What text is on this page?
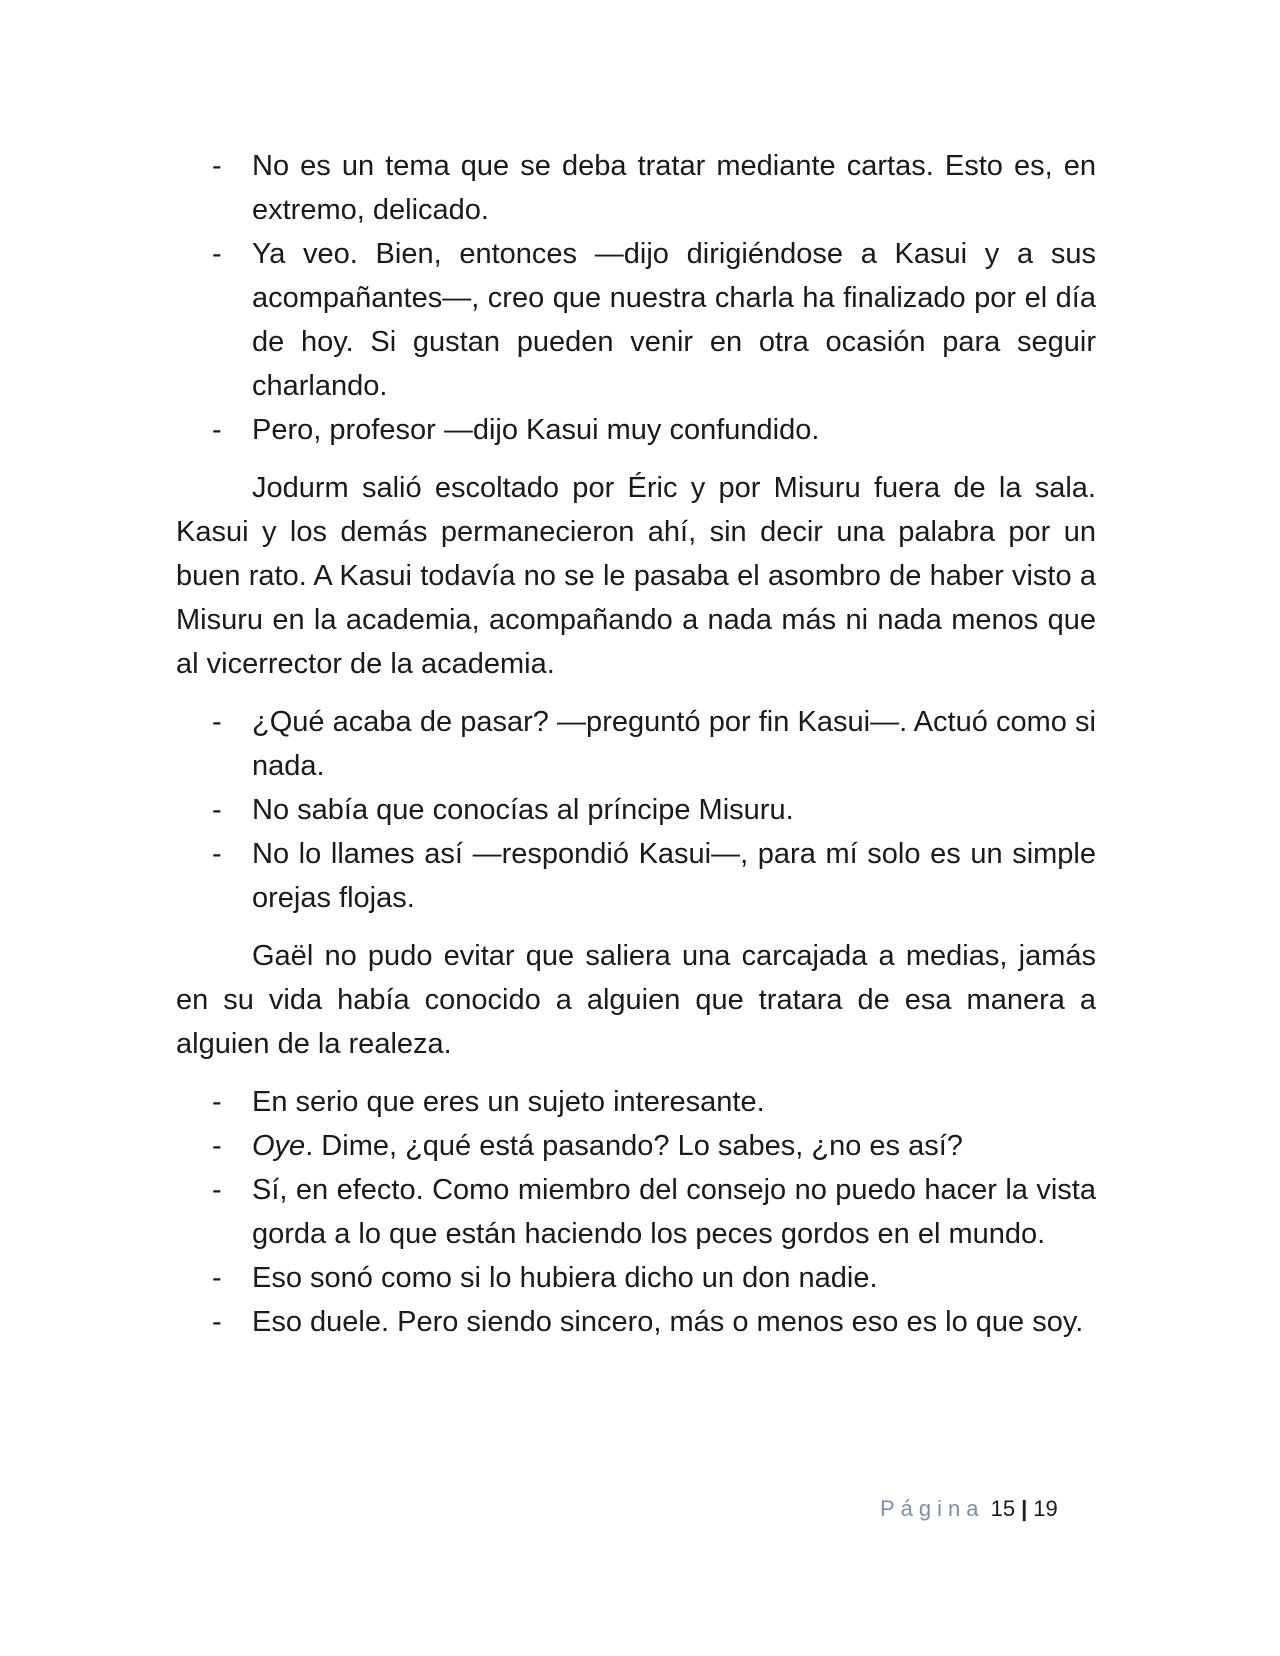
- No es un tema que se deba tratar mediante cartas. Esto es, en extremo, delicado.
- Ya veo. Bien, entonces —dijo dirigiéndose a Kasui y a sus acompañantes—, creo que nuestra charla ha finalizado por el día de hoy. Si gustan pueden venir en otra ocasión para seguir charlando.
- Pero, profesor —dijo Kasui muy confundido.

Jodurm salió escoltado por Éric y por Misuru fuera de la sala. Kasui y los demás permanecieron ahí, sin decir una palabra por un buen rato. A Kasui todavía no se le pasaba el asombro de haber visto a Misuru en la academia, acompañando a nada más ni nada menos que al vicerrector de la academia.

- ¿Qué acaba de pasar? —preguntó por fin Kasui—. Actuó como si nada.
- No sabía que conocías al príncipe Misuru.
- No lo llames así —respondió Kasui—, para mí solo es un simple orejas flojas.

Gaël no pudo evitar que saliera una carcajada a medias, jamás en su vida había conocido a alguien que tratara de esa manera a alguien de la realeza.

- En serio que eres un sujeto interesante.
- Oye. Dime, ¿qué está pasando? Lo sabes, ¿no es así?
- Sí, en efecto. Como miembro del consejo no puedo hacer la vista gorda a lo que están haciendo los peces gordos en el mundo.
- Eso sonó como si lo hubiera dicho un don nadie.
- Eso duele. Pero siendo sincero, más o menos eso es lo que soy.
Página 15 | 19
